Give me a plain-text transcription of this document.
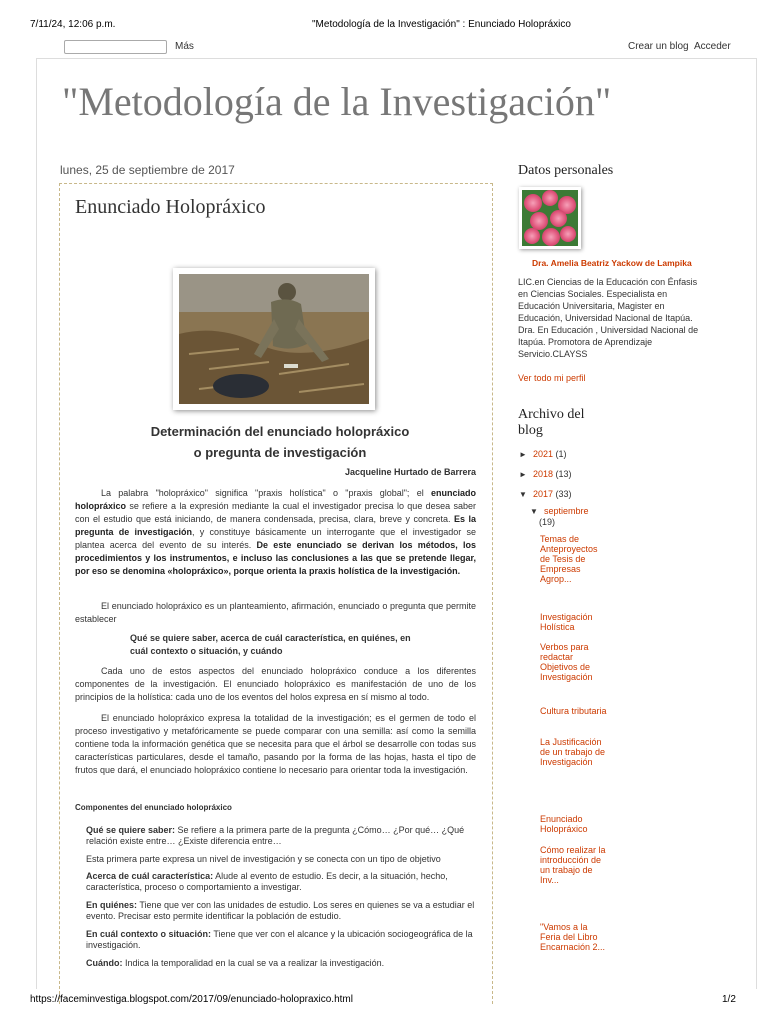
7/11/24, 12:06 p.m.	"Metodología de la Investigación" : Enunciado Holopráxico
Más	Crear un blog Acceder
"Metodología de la Investigación"
lunes, 25 de septiembre de 2017
Enunciado Holopráxico
Determinación del enunciado holopráxico
o pregunta de investigación
Jacqueline Hurtado de Barrera
La palabra "holopráxico" significa "praxis holística" o "praxis global"; el enunciado holopráxico se refiere a la expresión mediante la cual el investigador precisa lo que desea saber con el estudio que está iniciando, de manera condensada, precisa, clara, breve y concreta. Es la pregunta de investigación, y constituye básicamente un interrogante que el investigador se plantea acerca del evento de su interés. De este enunciado se derivan los métodos, los procedimientos y los instrumentos, e incluso las conclusiones a las que se pretende llegar, por eso se denomina «holopráxico», porque orienta la praxis holística de la investigación.
El enunciado holopráxico es un planteamiento, afirmación, enunciado o pregunta que permite establecer
Qué se quiere saber, acerca de cuál característica, en quiénes, en
cuál contexto o situación, y cuándo
Cada uno de estos aspectos del enunciado holopráxico conduce a los diferentes componentes de la investigación. El enunciado holopráxico es manifestación de uno de los principios de la holística: cada uno de los eventos del holos expresa en sí mismo al todo.
El enunciado holopráxico expresa la totalidad de la investigación; es el germen de todo el proceso investigativo y metafóricamente se puede comparar con una semilla: así como la semilla contiene toda la información genética que se necesita para que el árbol se desarrolle con todas sus características particulares, desde el tamaño, pasando por la forma de las hojas, hasta el tipo de frutos que dará, el enunciado holopráxico contiene lo necesario para orientar toda la investigación.
Componentes del enunciado holopráxico
Qué se quiere saber: Se refiere a la primera parte de la pregunta ¿Cómo… ¿Por qué… ¿Qué relación existe entre… ¿Existe diferencia entre…
Esta primera parte expresa un nivel de investigación y se conecta con un tipo de objetivo
Acerca de cuál característica: Alude al evento de estudio. Es decir, a la situación, hecho, característica, proceso o comportamiento a investigar.
En quiénes: Tiene que ver con las unidades de estudio. Los seres en quienes se va a estudiar el evento. Precisar esto permite identificar la población de estudio.
En cuál contexto o situación: Tiene que ver con el alcance y la ubicación sociogeográfica de la investigación.
Cuándo: Indica la temporalidad en la cual se va a realizar la investigación.
Datos personales
Dra. Amelia Beatriz Yackow de Lampika
LIC.en Ciencias de la Educación con Énfasis en Ciencias Sociales. Especialista en Educación Universitaria, Magister en Educación, Universidad Nacional de Itapúa. Dra. En Educación , Universidad Nacional de Itapúa. Promotora de Aprendizaje Servicio.CLAYSS
Ver todo mi perfil
Archivo del
blog
► 2021 (1)
► 2018 (13)
▼ 2017 (33)
▼ septiembre
(19)
Temas de Anteproyectos de Tesis de Empresas Agrop...
Investigación Holística
Verbos para redactar Objetivos de Investigación
Cultura tributaria
La Justificación de un trabajo de Investigación
Enunciado Holopráxico
Cómo realizar la introducción de un trabajo de Inv...
"Vamos a la Feria del Libro Encarnación 2...
https://faceminvestiga.blogspot.com/2017/09/enunciado-holopraxico.html	1/2
